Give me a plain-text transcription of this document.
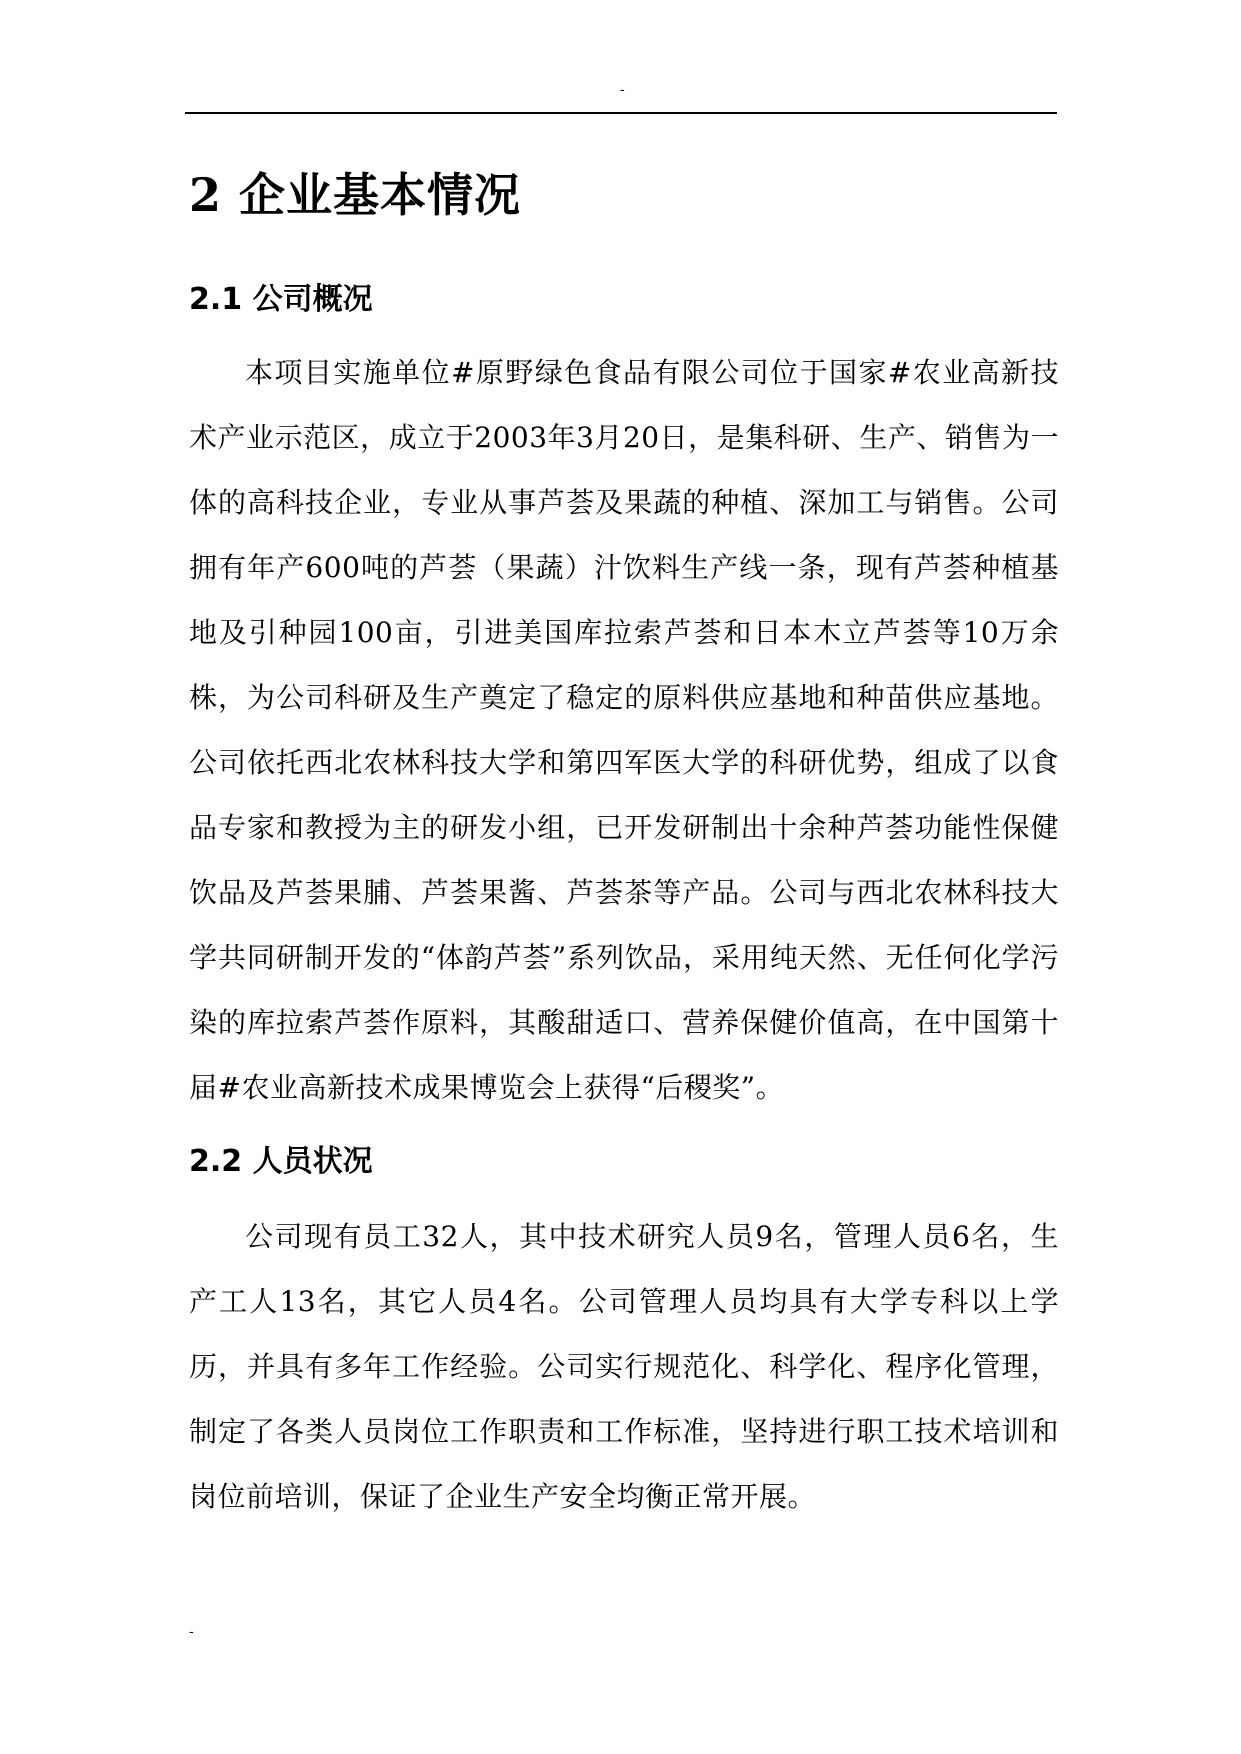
-
2 企业基本情况
2.1 公司概况

本项目实施单位#原野绿色食品有限公司位于国家#农业高新技术产业示范区，成立于2003年3月20日，是集科研、生产、销售为一体的高科技企业，专业从事芦荟及果蔬的种植、深加工与销售。公司拥有年产600吨的芦荟（果蔬）汁饮料生产线一条，现有芦荟种植基地及引种园100亩，引进美国库拉索芦荟和日本木立芦荟等10万余株，为公司科研及生产奠定了稳定的原料供应基地和种苗供应基地。公司依托西北农林科技大学和第四军医大学的科研优势，组成了以食品专家和教授为主的研发小组，已开发研制出十余种芦荟功能性保健饮品及芦荟果脯、芦荟果酱、芦荟茶等产品。公司与西北农林科技大学共同研制开发的“体韵芦荟”系列饮品，采用纯天然、无任何化学污染的库拉索芦荟作原料，其酸甜适口、营养保健价值高，在中国第十届#农业高新技术成果博览会上获得“后稷奖”。

2.2 人员状况

公司现有员工32人，其中技术研究人员9名，管理人员6名，生产工人13名，其它人员4名。公司管理人员均具有大学专科以上学历，并具有多年工作经验。公司实行规范化、科学化、程序化管理，制定了各类人员岗位工作职责和工作标准，坚持进行职工技术培训和岗位前培训，保证了企业生产安全均衡正常开展。

-
